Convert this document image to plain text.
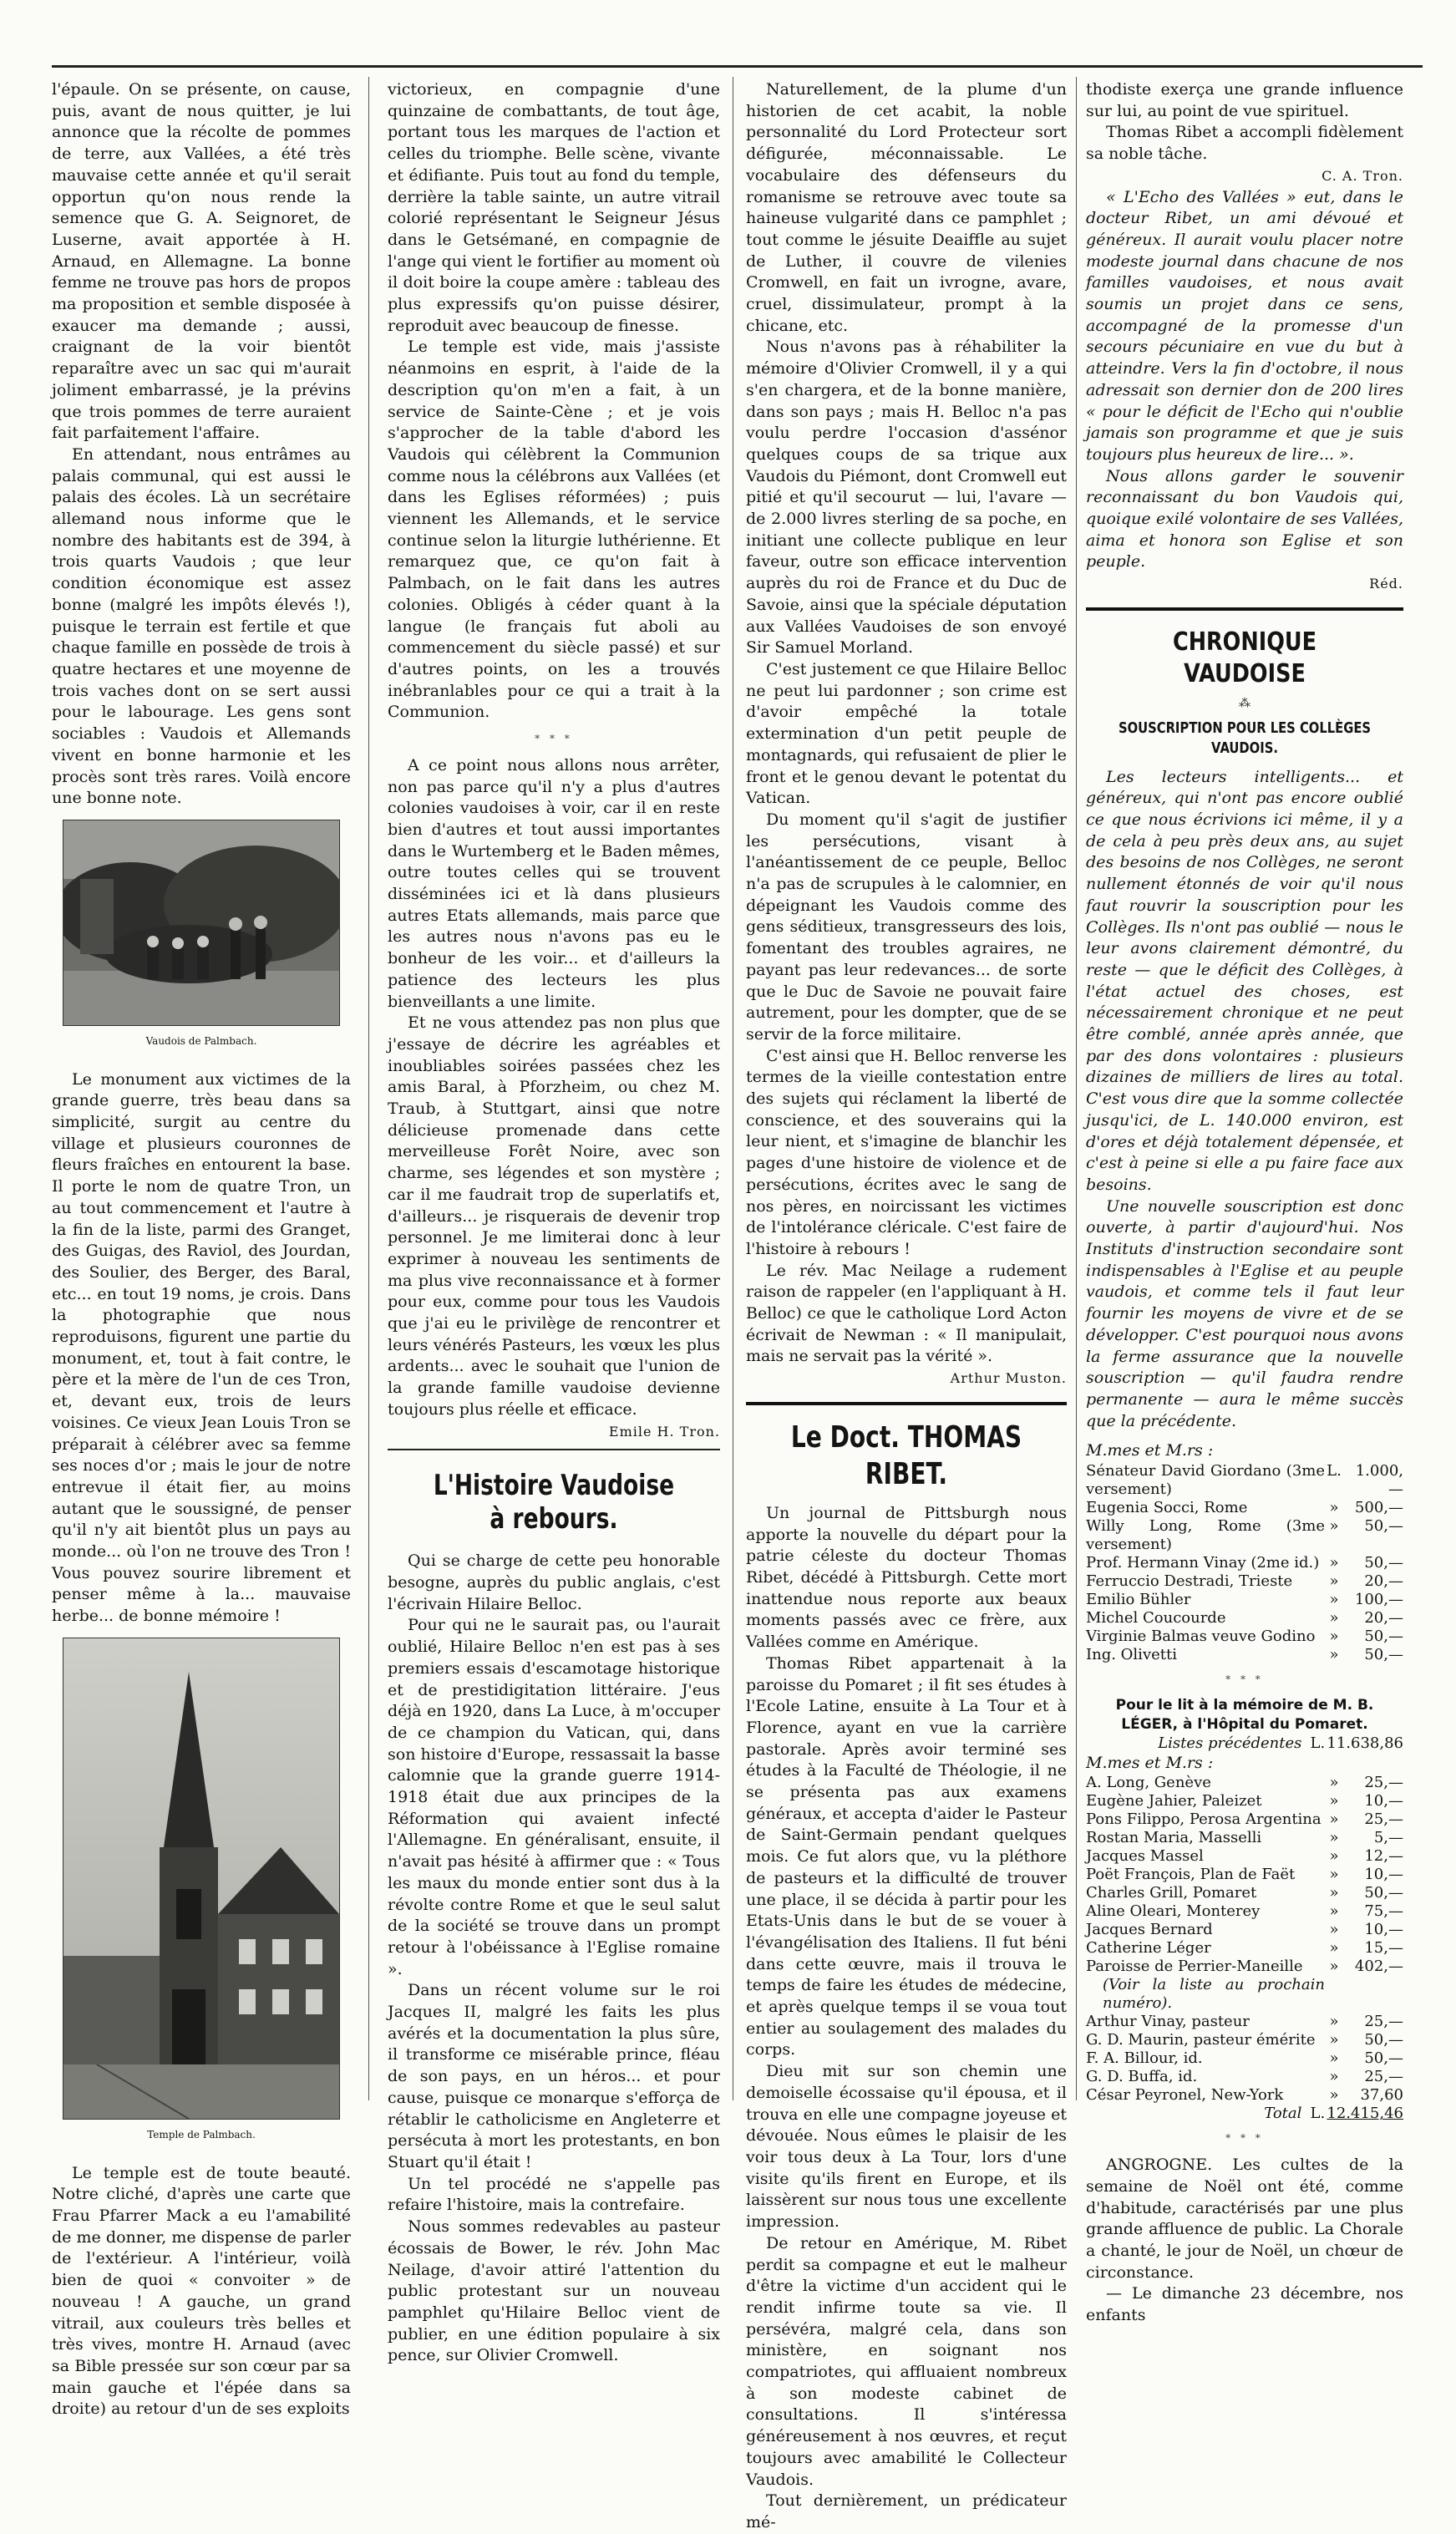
l'épaule. On se présente, on cause, puis, avant de nous quitter, je lui annonce que la récolte de pommes de terre, aux Vallées, a été très mauvaise cette année et qu'il serait opportun qu'on nous rende la semence que G. A. Seignoret, de Luserne, avait apportée à H. Arnaud, en Allemagne. La bonne femme ne trouve pas hors de propos ma proposition et semble disposée à exaucer ma demande ; aussi, craignant de la voir bientôt reparaître avec un sac qui m'aurait joliment embarrassé, je la prévins que trois pommes de terre auraient fait parfaitement l'affaire.

En attendant, nous entrâmes au palais communal, qui est aussi le palais des écoles. Là un secrétaire allemand nous informe que le nombre des habitants est de 394, à trois quarts Vaudois ; que leur condition économique est assez bonne (malgré les impôts élevés !), puisque le terrain est fertile et que chaque famille en possède de trois à quatre hectares et une moyenne de trois vaches dont on se sert aussi pour le labourage. Les gens sont sociables : Vaudois et Allemands vivent en bonne harmonie et les procès sont très rares. Voilà encore une bonne note.

Vaudois de Palmbach.

Le monument aux victimes de la grande guerre, très beau dans sa simplicité, surgit au centre du village et plusieurs couronnes de fleurs fraîches en entourent la base. Il porte le nom de quatre Tron, un au tout commencement et l'autre à la fin de la liste, parmi des Granget, des Guigas, des Raviol, des Jourdan, des Soulier, des Berger, des Baral, etc... en tout 19 noms, je crois. Dans la photographie que nous reproduisons, figurent une partie du monument, et, tout à fait contre, le père et la mère de l'un de ces Tron, et, devant eux, trois de leurs voisines. Ce vieux Jean Louis Tron se préparait à célébrer avec sa femme ses noces d'or ; mais le jour de notre entrevue il était fier, au moins autant que le soussigné, de penser qu'il n'y ait bientôt plus un pays au monde... où l'on ne trouve des Tron ! Vous pouvez sourire librement et penser même à la... mauvaise herbe... de bonne mémoire !

Temple de Palmbach.

Le temple est de toute beauté. Notre cliché, d'après une carte que Frau Pfarrer Mack a eu l'amabilité de me donner, me dispense de parler de l'extérieur. A l'intérieur, voilà bien de quoi « convoiter » de nouveau ! A gauche, un grand vitrail, aux couleurs très belles et très vives, montre H. Arnaud (avec sa Bible pressée sur son cœur par sa main gauche et l'épée dans sa droite) au retour d'un de ses exploits

victorieux, en compagnie d'une quinzaine de combattants, de tout âge, portant tous les marques de l'action et celles du triomphe. Belle scène, vivante et édifiante. Puis tout au fond du temple, derrière la table sainte, un autre vitrail colorié représentant le Seigneur Jésus dans le Getsémané, en compagnie de l'ange qui vient le fortifier au moment où il doit boire la coupe amère : tableau des plus expressifs qu'on puisse désirer, reproduit avec beaucoup de finesse.

Le temple est vide, mais j'assiste néanmoins en esprit, à l'aide de la description qu'on m'en a fait, à un service de Sainte-Cène ; et je vois s'approcher de la table d'abord les Vaudois qui célèbrent la Communion comme nous la célébrons aux Vallées (et dans les Eglises réformées) ; puis viennent les Allemands, et le service continue selon la liturgie luthérienne. Et remarquez que, ce qu'on fait à Palmbach, on le fait dans les autres colonies. Obligés à céder quant à la langue (le français fut aboli au commencement du siècle passé) et sur d'autres points, on les a trouvés inébranlables pour ce qui a trait à la Communion.

* * *

A ce point nous allons nous arrêter, non pas parce qu'il n'y a plus d'autres colonies vaudoises à voir, car il en reste bien d'autres et tout aussi importantes dans le Wurtemberg et le Baden mêmes, outre toutes celles qui se trouvent disséminées ici et là dans plusieurs autres Etats allemands, mais parce que les autres nous n'avons pas eu le bonheur de les voir... et d'ailleurs la patience des lecteurs les plus bienveillants a une limite.

Et ne vous attendez pas non plus que j'essaye de décrire les agréables et inoubliables soirées passées chez les amis Baral, à Pforzheim, ou chez M. Traub, à Stuttgart, ainsi que notre délicieuse promenade dans cette merveilleuse Forêt Noire, avec son charme, ses légendes et son mystère ; car il me faudrait trop de superlatifs et, d'ailleurs... je risquerais de devenir trop personnel. Je me limiterai donc à leur exprimer à nouveau les sentiments de ma plus vive reconnaissance et à former pour eux, comme pour tous les Vaudois que j'ai eu le privilège de rencontrer et leurs vénérés Pasteurs, les vœux les plus ardents... avec le souhait que l'union de la grande famille vaudoise devienne toujours plus réelle et efficace.

Emile H. Tron.
L'Histoire Vaudoise à rebours.

Qui se charge de cette peu honorable besogne, auprès du public anglais, c'est l'écrivain Hilaire Belloc.

Pour qui ne le saurait pas, ou l'aurait oublié, Hilaire Belloc n'en est pas à ses premiers essais d'escamotage historique et de prestidigitation littéraire. J'eus déjà en 1920, dans La Luce, à m'occuper de ce champion du Vatican, qui, dans son histoire d'Europe, ressassait la basse calomnie que la grande guerre 1914-1918 était due aux principes de la Réformation qui avaient infecté l'Allemagne. En généralisant, ensuite, il n'avait pas hésité à affirmer que : « Tous les maux du monde entier sont dus à la révolte contre Rome et que le seul salut de la société se trouve dans un prompt retour à l'obéissance à l'Eglise romaine ».

Dans un récent volume sur le roi Jacques II, malgré les faits les plus avérés et la documentation la plus sûre, il transforme ce misérable prince, fléau de son pays, en un héros... et pour cause, puisque ce monarque s'efforça de rétablir le catholicisme en Angleterre et persécuta à mort les protestants, en bon Stuart qu'il était !

Un tel procédé ne s'appelle pas refaire l'histoire, mais la contrefaire.

Nous sommes redevables au pasteur écossais de Bower, le rév. John Mac Neilage, d'avoir attiré l'attention du public protestant sur un nouveau pamphlet qu'Hilaire Belloc vient de publier, en une édition populaire à six pence, sur Olivier Cromwell.

Naturellement, de la plume d'un historien de cet acabit, la noble personnalité du Lord Protecteur sort défigurée, méconnaissable. Le vocabulaire des défenseurs du romanisme se retrouve avec toute sa haineuse vulgarité dans ce pamphlet ; tout comme le jésuite Deaiffle au sujet de Luther, il couvre de vilenies Cromwell, en fait un ivrogne, avare, cruel, dissimulateur, prompt à la chicane, etc.

Nous n'avons pas à réhabiliter la mémoire d'Olivier Cromwell, il y a qui s'en chargera, et de la bonne manière, dans son pays ; mais H. Belloc n'a pas voulu perdre l'occasion d'assénor quelques coups de sa trique aux Vaudois du Piémont, dont Cromwell eut pitié et qu'il secourut — lui, l'avare — de 2.000 livres sterling de sa poche, en initiant une collecte publique en leur faveur, outre son efficace intervention auprès du roi de France et du Duc de Savoie, ainsi que la spéciale députation aux Vallées Vaudoises de son envoyé Sir Samuel Morland.

C'est justement ce que Hilaire Belloc ne peut lui pardonner ; son crime est d'avoir empêché la totale extermination d'un petit peuple de montagnards, qui refusaient de plier le front et le genou devant le potentat du Vatican.

Du moment qu'il s'agit de justifier les persécutions, visant à l'anéantissement de ce peuple, Belloc n'a pas de scrupules à le calomnier, en dépeignant les Vaudois comme des gens séditieux, transgresseurs des lois, fomentant des troubles agraires, ne payant pas leur redevances... de sorte que le Duc de Savoie ne pouvait faire autrement, pour les dompter, que de se servir de la force militaire.

C'est ainsi que H. Belloc renverse les termes de la vieille contestation entre des sujets qui réclament la liberté de conscience, et des souverains qui la leur nient, et s'imagine de blanchir les pages d'une histoire de violence et de persécutions, écrites avec le sang de nos pères, en noircissant les victimes de l'intolérance cléricale. C'est faire de l'histoire à rebours !

Le rév. Mac Neilage a rudement raison de rappeler (en l'appliquant à H. Belloc) ce que le catholique Lord Acton écrivait de Newman : « Il manipulait, mais ne servait pas la vérité ».

Arthur Muston.
Le Doct. THOMAS RIBET.

Un journal de Pittsburgh nous apporte la nouvelle du départ pour la patrie céleste du docteur Thomas Ribet, décédé à Pittsburgh. Cette mort inattendue nous reporte aux beaux moments passés avec ce frère, aux Vallées comme en Amérique.

Thomas Ribet appartenait à la paroisse du Pomaret ; il fit ses études à l'Ecole Latine, ensuite à La Tour et à Florence, ayant en vue la carrière pastorale. Après avoir terminé ses études à la Faculté de Théologie, il ne se présenta pas aux examens généraux, et accepta d'aider le Pasteur de Saint-Germain pendant quelques mois. Ce fut alors que, vu la pléthore de pasteurs et la difficulté de trouver une place, il se décida à partir pour les Etats-Unis dans le but de se vouer à l'évangélisation des Italiens. Il fut béni dans cette œuvre, mais il trouva le temps de faire les études de médecine, et après quelque temps il se voua tout entier au soulagement des malades du corps.

Dieu mit sur son chemin une demoiselle écossaise qu'il épousa, et il trouva en elle une compagne joyeuse et dévouée. Nous eûmes le plaisir de les voir tous deux à La Tour, lors d'une visite qu'ils firent en Europe, et ils laissèrent sur nous tous une excellente impression.

De retour en Amérique, M. Ribet perdit sa compagne et eut le malheur d'être la victime d'un accident qui le rendit infirme toute sa vie. Il persévéra, malgré cela, dans son ministère, en soignant nos compatriotes, qui affluaient nombreux à son modeste cabinet de consultations. Il s'intéressa généreusement à nos œuvres, et reçut toujours avec amabilité le Collecteur Vaudois.

Tout dernièrement, un prédicateur mé-

thodiste exerça une grande influence sur lui, au point de vue spirituel.

Thomas Ribet a accompli fidèlement sa noble tâche.

C. A. Tron.

« L'Echo des Vallées » eut, dans le docteur Ribet, un ami dévoué et généreux. Il aurait voulu placer notre modeste journal dans chacune de nos familles vaudoises, et nous avait soumis un projet dans ce sens, accompagné de la promesse d'un secours pécuniaire en vue du but à atteindre. Vers la fin d'octobre, il nous adressait son dernier don de 200 lires « pour le déficit de l'Echo qui n'oublie jamais son programme et que je suis toujours plus heureux de lire... ».

Nous allons garder le souvenir reconnaissant du bon Vaudois qui, quoique exilé volontaire de ses Vallées, aima et honora son Eglise et son peuple.

Réd.
CHRONIQUE VAUDOISE
⁂
SOUSCRIPTION POUR LES COLLÈGES VAUDOIS.

Les lecteurs intelligents... et généreux, qui n'ont pas encore oublié ce que nous écrivions ici même, il y a de cela à peu près deux ans, au sujet des besoins de nos Collèges, ne seront nullement étonnés de voir qu'il nous faut rouvrir la souscription pour les Collèges. Ils n'ont pas oublié — nous le leur avons clairement démontré, du reste — que le déficit des Collèges, à l'état actuel des choses, est nécessairement chronique et ne peut être comblé, année après année, que par des dons volontaires : plusieurs dizaines de milliers de lires au total. C'est vous dire que la somme collectée jusqu'ici, de L. 140.000 environ, est d'ores et déjà totalement dépensée, et c'est à peine si elle a pu faire face aux besoins.

Une nouvelle souscription est donc ouverte, à partir d'aujourd'hui. Nos Instituts d'instruction secondaire sont indispensables à l'Eglise et au peuple vaudois, et comme tels il faut leur fournir les moyens de vivre et de se développer. C'est pourquoi nous avons la ferme assurance que la nouvelle souscription — qu'il faudra rendre permanente — aura le même succès que la précédente.

M.mes et M.rs :
Sénateur David Giordano (3me versement)	L.	1.000,—
Eugenia Socci, Rome	»	500,—
Willy Long, Rome (3me versement)	»	50,—
Prof. Hermann Vinay (2me id.)	»	50,—
Ferruccio Destradi, Trieste	»	20,—
Emilio Bühler	»	100,—
Michel Coucourde	»	20,—
Virginie Balmas veuve Godino	»	50,—
Ing. Olivetti	»	50,—
* * *
Pour le lit à la mémoire de M. B. LÉGER, à l'Hôpital du Pomaret.
Listes précédentes	L.	11.638,86
M.mes et M.rs :
A. Long, Genève	»	25,—
Eugène Jahier, Paleizet	»	10,—
Pons Filippo, Perosa Argentina	»	25,—
Rostan Maria, Masselli	»	5,—
Jacques Massel	»	12,—
Poët François, Plan de Faët	»	10,—
Charles Grill, Pomaret	»	50,—
Aline Oleari, Monterey	»	75,—
Jacques Bernard	»	10,—
Catherine Léger	»	15,—
Paroisse de Perrier-Maneille	»	402,—
(Voir la liste au prochain numéro).		
Arthur Vinay, pasteur	»	25,—
G. D. Maurin, pasteur émérite	»	50,—
F. A. Billour, id.	»	50,—
G. D. Buffa, id.	»	25,—
César Peyronel, New-York	»	37,60
Total	L.	12.415,46
* * *

ANGROGNE. Les cultes de la semaine de Noël ont été, comme d'habitude, caractérisés par une plus grande affluence de public. La Chorale a chanté, le jour de Noël, un chœur de circonstance.

— Le dimanche 23 décembre, nos enfants
